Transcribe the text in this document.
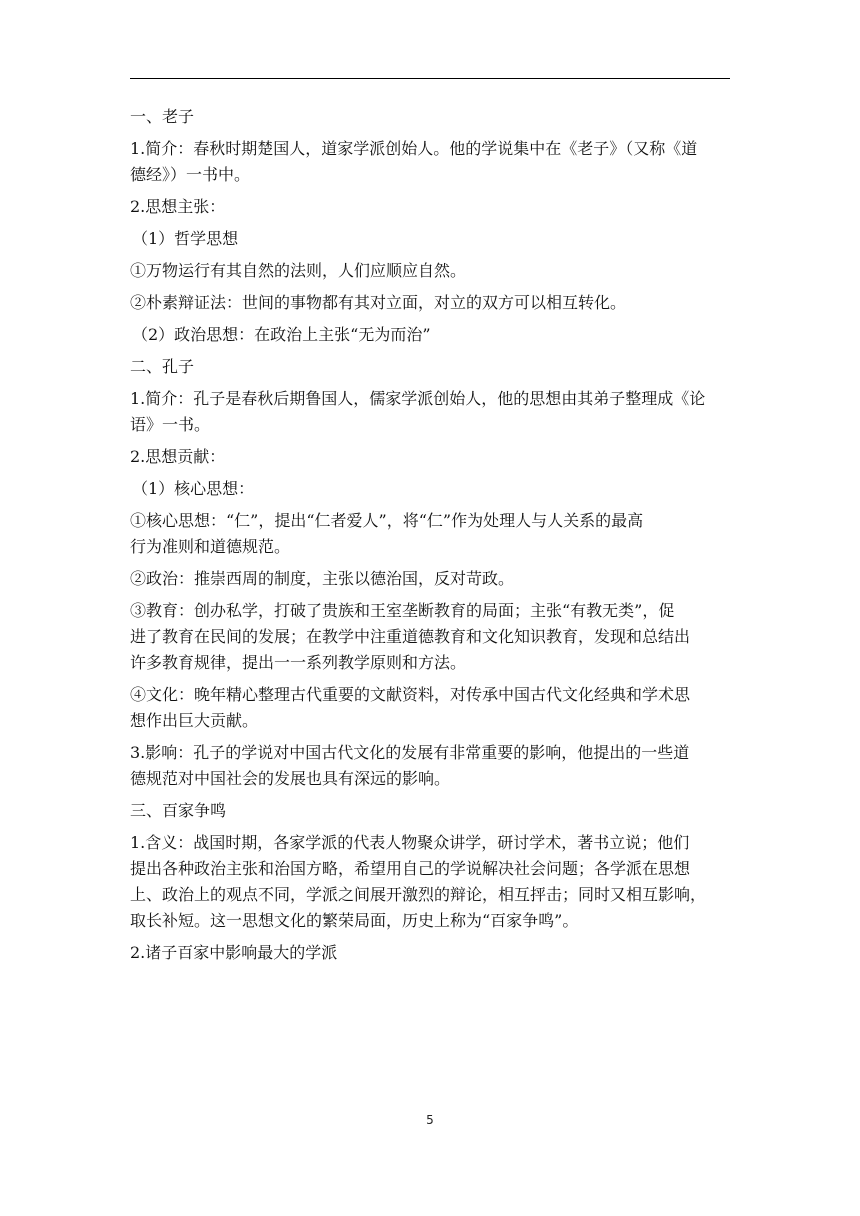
一、老子
1.简介：春秋时期楚国人，道家学派创始人。他的学说集中在《老子》（又称《道
德经》）一书中。
2.思想主张：
（1）哲学思想
①万物运行有其自然的法则，人们应顺应自然。
②朴素辩证法：世间的事物都有其对立面，对立的双方可以相互转化。
（2）政治思想：在政治上主张“无为而治”
二、孔子
1.简介：孔子是春秋后期鲁国人，儒家学派创始人，他的思想由其弟子整理成《论
语》一书。
2.思想贡献：
（1）核心思想：
①核心思想：“仁”，提出“仁者爱人”，将“仁”作为处理人与人关系的最高
行为准则和道德规范。
②政治：推崇西周的制度，主张以德治国，反对苛政。
③教育：创办私学，打破了贵族和王室垄断教育的局面；主张“有教无类”，促
进了教育在民间的发展；在教学中注重道德教育和文化知识教育，发现和总结出
许多教育规律，提出一一系列教学原则和方法。
④文化：晚年精心整理古代重要的文献资料，对传承中国古代文化经典和学术思
想作出巨大贡献。
3.影响：孔子的学说对中国古代文化的发展有非常重要的影响，他提出的一些道
德规范对中国社会的发展也具有深远的影响。
三、百家争鸣
1.含义：战国时期，各家学派的代表人物聚众讲学，研讨学术，著书立说；他们
提出各种政治主张和治国方略，希望用自己的学说解决社会问题；各学派在思想
上、政治上的观点不同，学派之间展开激烈的辩论，相互抨击；同时又相互影响，
取长补短。这一思想文化的繁荣局面，历史上称为“百家争鸣”。
2.诸子百家中影响最大的学派
5
